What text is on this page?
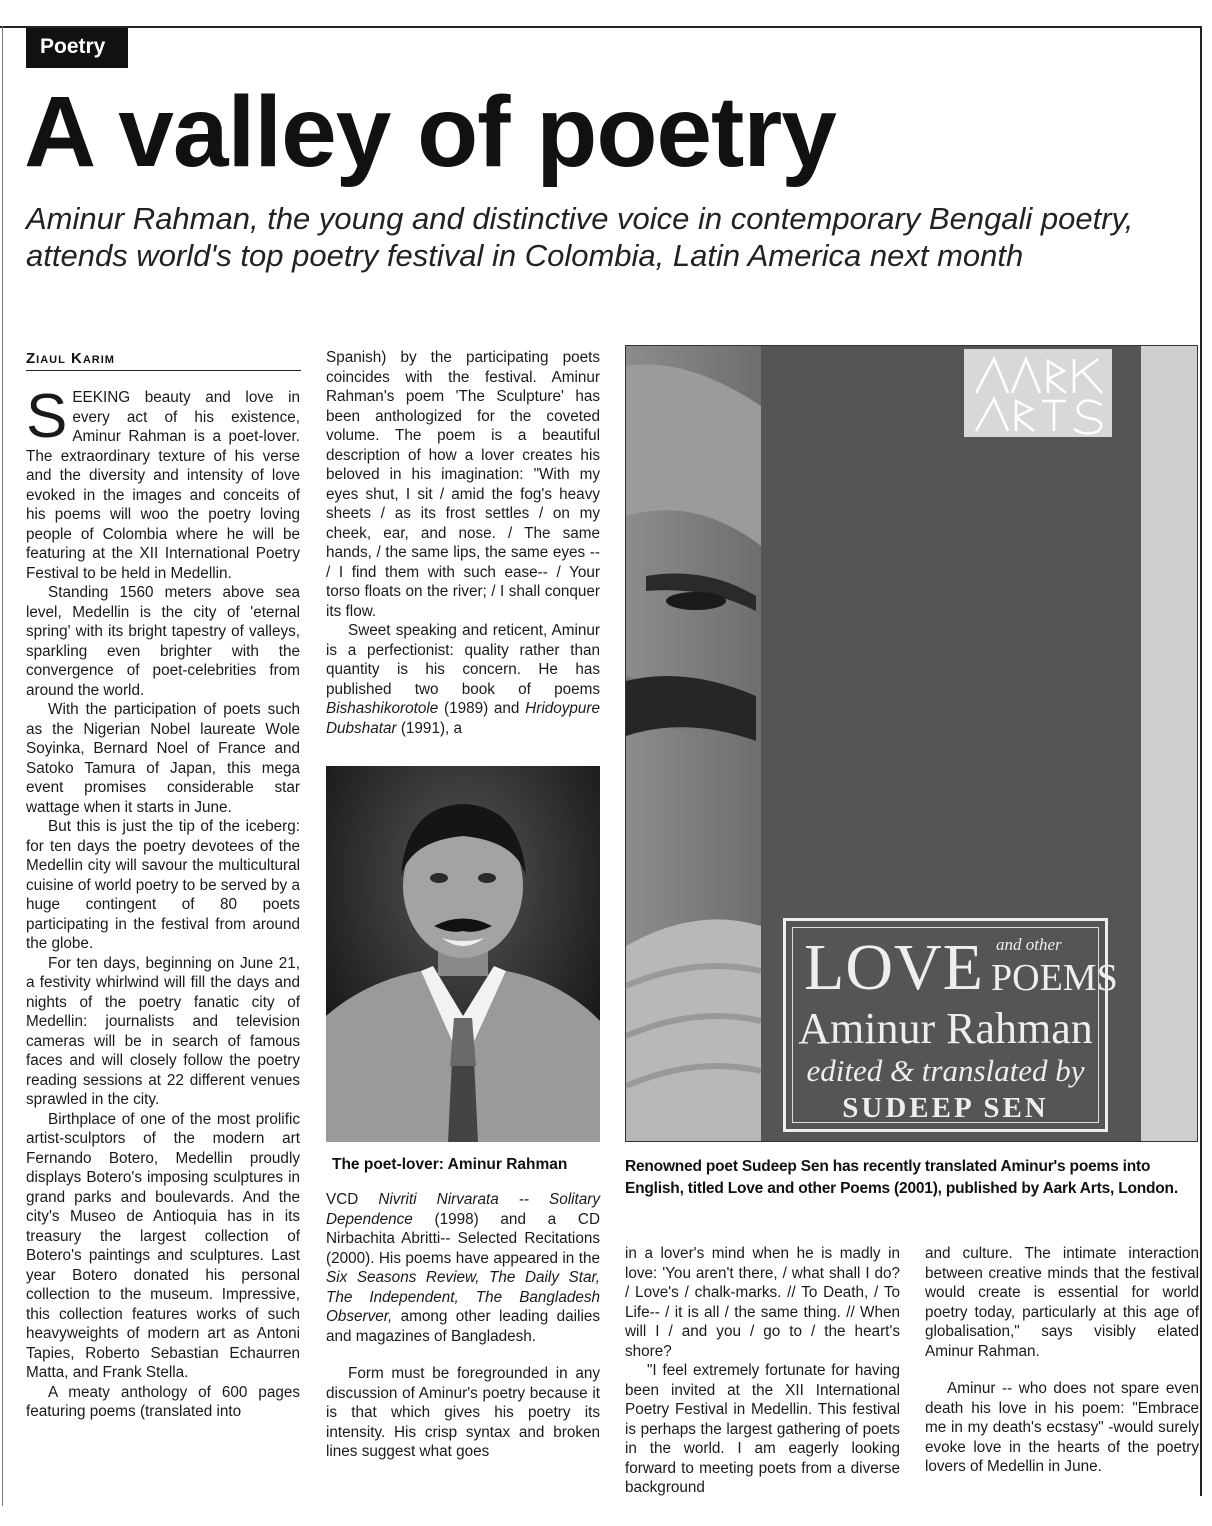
Poetry
A valley of poetry

Aminur Rahman, the young and distinctive voice in contemporary Bengali poetry, attends world's top poetry festival in Colombia, Latin America next month

Ziaul Karim

SEEKING beauty and love in every act of his existence, Aminur Rahman is a poet-lover. The extraordinary texture of his verse and the diversity and intensity of love evoked in the images and conceits of his poems will woo the poetry loving people of Colombia where he will be featuring at the XII International Poetry Festival to be held in Medellin.

Standing 1560 meters above sea level, Medellin is the city of 'eternal spring' with its bright tapestry of valleys, sparkling even brighter with the convergence of poet-celebrities from around the world.

With the participation of poets such as the Nigerian Nobel laureate Wole Soyinka, Bernard Noel of France and Satoko Tamura of Japan, this mega event promises considerable star wattage when it starts in June.

But this is just the tip of the iceberg: for ten days the poetry devotees of the Medellin city will savour the multicultural cuisine of world poetry to be served by a huge contingent of 80 poets participating in the festival from around the globe.

For ten days, beginning on June 21, a festivity whirlwind will fill the days and nights of the poetry fanatic city of Medellin: journalists and television cameras will be in search of famous faces and will closely follow the poetry reading sessions at 22 different venues sprawled in the city.

Birthplace of one of the most prolific artist-sculptors of the modern art Fernando Botero, Medellin proudly displays Botero's imposing sculptures in grand parks and boulevards. And the city's Museo de Antioquia has in its treasury the largest collection of Botero's paintings and sculptures. Last year Botero donated his personal collection to the museum. Impressive, this collection features works of such heavyweights of modern art as Antoni Tapies, Roberto Sebastian Echaurren Matta, and Frank Stella.

A meaty anthology of 600 pages featuring poems (translated into

Spanish) by the participating poets coincides with the festival. Aminur Rahman's poem 'The Sculpture' has been anthologized for the coveted volume. The poem is a beautiful description of how a lover creates his beloved in his imagination: "With my eyes shut, I sit / amid the fog's heavy sheets / as its frost settles / on my cheek, ear, and nose. / The same hands, / the same lips, the same eyes -- / I find them with such ease-- / Your torso floats on the river; / I shall conquer its flow.

Sweet speaking and reticent, Aminur is a perfectionist: quality rather than quantity is his concern. He has published two book of poems Bishashikorotole (1989) and Hridoypure Dubshatar (1991), a

The poet-lover: Aminur Rahman

VCD Nivriti Nirvarata -- Solitary Dependence (1998) and a CD Nirbachita Abritti-- Selected Recitations (2000). His poems have appeared in the Six Seasons Review, The Daily Star, The Independent, The Bangladesh Observer, among other leading dailies and magazines of Bangladesh.

Form must be foregrounded in any discussion of Aminur's poetry because it is that which gives his poetry its intensity. His crisp syntax and broken lines suggest what goes

LOVE and other
POEMS
Aminur Rahman
edited & translated by
SUDEEP SEN
Renowned poet Sudeep Sen has recently translated Aminur's poems into English, titled Love and other Poems (2001), published by Aark Arts, London.

in a lover's mind when he is madly in love: 'You aren't there, / what shall I do? / Love's / chalk-marks. // To Death, / To Life-- / it is all / the same thing. // When will I / and you / go to / the heart's shore?

"I feel extremely fortunate for having been invited at the XII International Poetry Festival in Medellin. This festival is perhaps the largest gathering of poets in the world. I am eagerly looking forward to meeting poets from a diverse background

and culture. The intimate interaction between creative minds that the festival would create is essential for world poetry today, particularly at this age of globalisation," says visibly elated Aminur Rahman.

Aminur -- who does not spare even death his love in his poem: "Embrace me in my death's ecstasy" -would surely evoke love in the hearts of the poetry lovers of Medellin in June.
